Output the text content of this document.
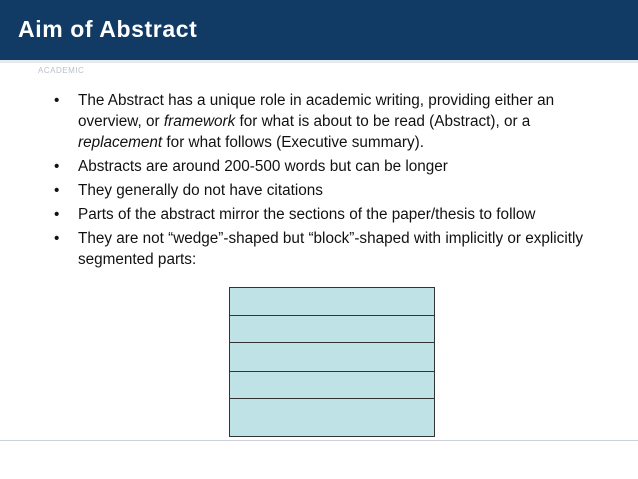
Aim of Abstract
ACADEMIC
• The Abstract has a unique role in academic writing, providing either an overview, or framework for what is about to be read (Abstract), or a replacement for what follows (Executive summary).
• Abstracts are around 200-500 words but can be longer
• They generally do not have citations
• Parts of the abstract mirror the sections of the paper/thesis to follow
• They are not “wedge”-shaped but “block”-shaped with implicitly or explicitly segmented parts:
